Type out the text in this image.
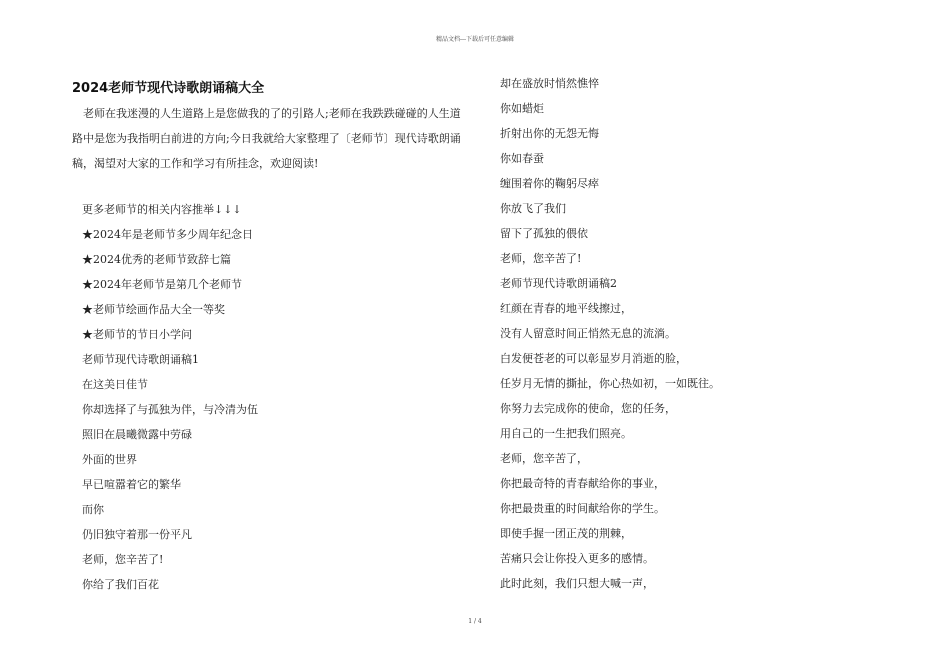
精品文档---下载后可任意编辑
2024老师节现代诗歌朗诵稿大全

老师在我迷漫的人生道路上是您做我的了的引路人;老师在我跌跌碰碰的人生道路中是您为我指明白前进的方向;今日我就给大家整理了〔老师节〕现代诗歌朗诵稿，渴望对大家的工作和学习有所挂念，欢迎阅读!

更多老师节的相关内容推举↓↓↓
★2024年是老师节多少周年纪念日
★2024优秀的老师节致辞七篇
★2024年老师节是第几个老师节
★老师节绘画作品大全一等奖
★老师节的节日小学问
老师节现代诗歌朗诵稿1
在这美日佳节
你却选择了与孤独为伴，与冷清为伍
照旧在晨曦微露中劳碌
外面的世界
早已喧嚣着它的繁华
而你
仍旧独守着那一份平凡
老师，您辛苦了!
你给了我们百花
却在盛放时悄然憔悴
你如蜡炬
折射出你的无怨无悔
你如春蚕
缠围着你的鞠躬尽瘁
你放飞了我们
留下了孤独的偎依
老师，您辛苦了!
老师节现代诗歌朗诵稿2
红颜在青春的地平线擦过，
没有人留意时间正悄然无息的流淌。
白发便苍老的可以彰显岁月消逝的脸，
任岁月无情的撕扯，你心热如初，一如既往。
你努力去完成你的使命，您的任务，
用自己的一生把我们照亮。
老师，您辛苦了，
你把最奇特的青春献给你的事业，
你把最贵重的时间献给你的学生。
即使手握一团正茂的荆棘，
苦痛只会让你投入更多的感情。
此时此刻，我们只想大喊一声，
1 / 4
